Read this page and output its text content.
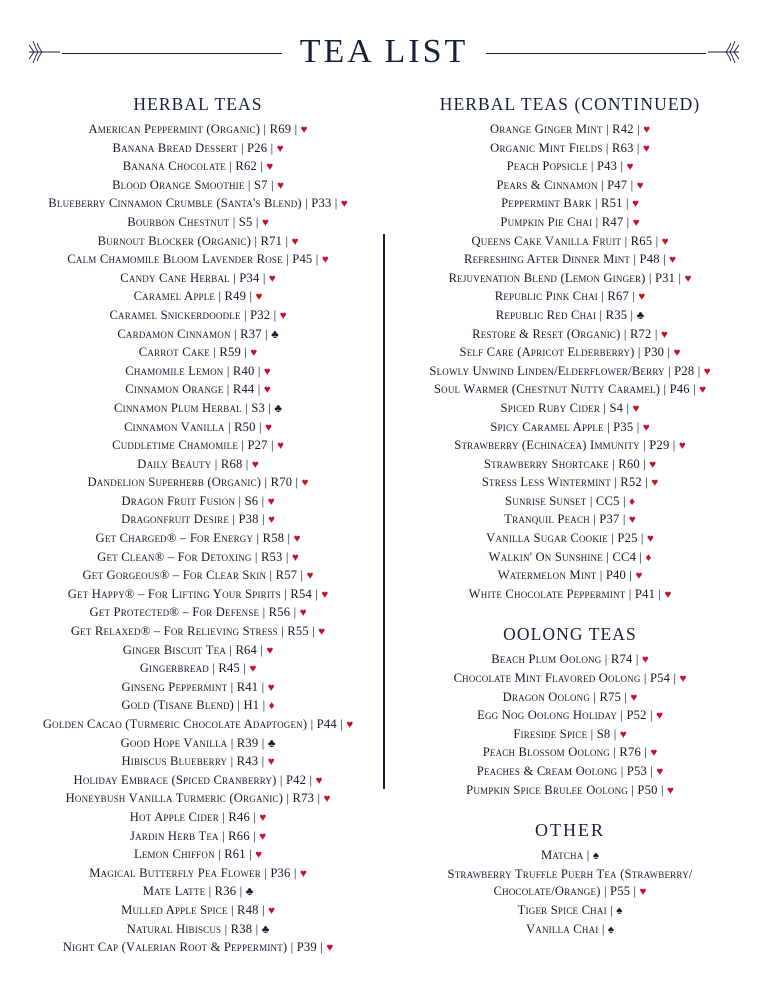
TEA LIST
HERBAL TEAS
American Peppermint (Organic) | R69 | ♥
Banana Bread Dessert | P26 | ♥
Banana Chocolate | R62 | ♥
Blood Orange Smoothie | S7 | ♥
Blueberry Cinnamon Crumble (Santa's Blend) | P33 | ♥
Bourbon Chestnut | S5 | ♥
Burnout Blocker (Organic) | R71 | ♥
Calm Chamomile Bloom Lavender Rose | P45 | ♥
Candy Cane Herbal | P34 | ♥
Caramel Apple | R49 | ♥
Caramel Snickerdoodle | P32 | ♥
Cardamon Cinnamon | R37 | ♣
Carrot Cake | R59 | ♥
Chamomile Lemon | R40 | ♥
Cinnamon Orange | R44 | ♥
Cinnamon Plum Herbal | S3 | ♣
Cinnamon Vanilla | R50 | ♥
Cuddletime Chamomile | P27 | ♥
Daily Beauty | R68 | ♥
Dandelion Superherb (Organic) | R70 | ♥
Dragon Fruit Fusion | S6 | ♥
Dragonfruit Desire | P38 | ♥
Get Charged® – For Energy | R58 | ♥
Get Clean® – For Detoxing | R53 | ♥
Get Gorgeous® – For Clear Skin | R57 | ♥
Get Happy® – For Lifting Your Spirits | R54 | ♥
Get Protected® – For Defense | R56 | ♥
Get Relaxed® – For Relieving Stress | R55 | ♥
Ginger Biscuit Tea | R64 | ♥
Gingerbread | R45 | ♥
Ginseng Peppermint | R41 | ♥
Gold (Tisane Blend) | H1 | ♦
Golden Cacao (Turmeric Chocolate Adaptogen) | P44 | ♥
Good Hope Vanilla | R39 | ♣
Hibiscus Blueberry | R43 | ♥
Holiday Embrace (Spiced Cranberry) | P42 | ♥
Honeybush Vanilla Turmeric (Organic) | R73 | ♥
Hot Apple Cider | R46 | ♥
Jardin Herb Tea | R66 | ♥
Lemon Chiffon | R61 | ♥
Magical Butterfly Pea Flower | P36 | ♥
Mate Latte | R36 | ♣
Mulled Apple Spice | R48 | ♥
Natural Hibiscus | R38 | ♣
Night Cap (Valerian Root & Peppermint) | P39 | ♥
HERBAL TEAS (CONTINUED)
Orange Ginger Mint | R42 | ♥
Organic Mint Fields | R63 | ♥
Peach Popsicle | P43 | ♥
Pears & Cinnamon | P47 | ♥
Peppermint Bark | R51 | ♥
Pumpkin Pie Chai | R47 | ♥
Queens Cake Vanilla Fruit | R65 | ♥
Refreshing After Dinner Mint | P48 | ♥
Rejuvenation Blend (Lemon Ginger) | P31 | ♥
Republic Pink Chai | R67 | ♥
Republic Red Chai | R35 | ♣
Restore & Reset (Organic) | R72 | ♥
Self Care (Apricot Elderberry) | P30 | ♥
Slowly Unwind Linden/Elderflower/Berry | P28 | ♥
Soul Warmer (Chestnut Nutty Caramel) | P46 | ♥
Spiced Ruby Cider | S4 | ♥
Spicy Caramel Apple | P35 | ♥
Strawberry (Echinacea) Immunity | P29 | ♥
Strawberry Shortcake | R60 | ♥
Stress Less Wintermint | R52 | ♥
Sunrise Sunset | CC5 | ♦
Tranquil Peach | P37 | ♥
Vanilla Sugar Cookie | P25 | ♥
Walkin' On Sunshine | CC4 | ♦
Watermelon Mint | P40 | ♥
White Chocolate Peppermint | P41 | ♥
OOLONG TEAS
Beach Plum Oolong | R74 | ♥
Chocolate Mint Flavored Oolong | P54 | ♥
Dragon Oolong | R75 | ♥
Egg Nog Oolong Holiday | P52 | ♥
Fireside Spice | S8 | ♥
Peach Blossom Oolong | R76 | ♥
Peaches & Cream Oolong | P53 | ♥
Pumpkin Spice Brulee Oolong | P50 | ♥
OTHER
Matcha | ♠
Strawberry Truffle Puerh Tea (Strawberry/ Chocolate/Orange) | P55 | ♥
Tiger Spice Chai | ♠
Vanilla Chai | ♠
